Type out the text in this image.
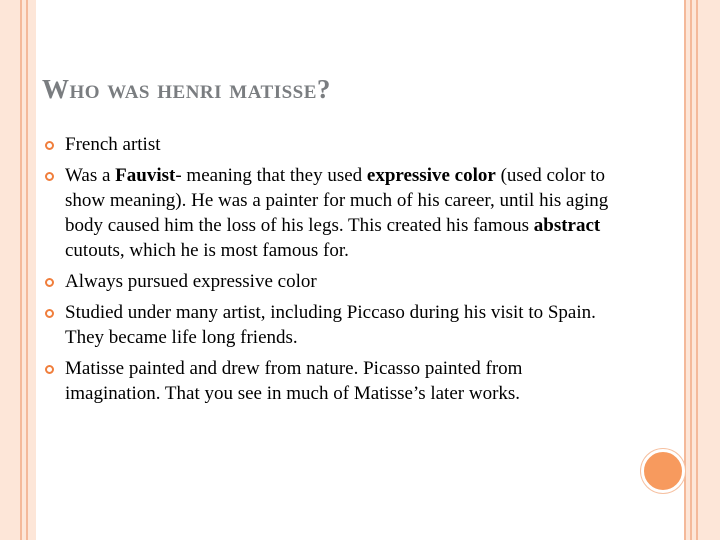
Who was henri matisse?
French artist
Was a Fauvist- meaning that they used expressive color (used color to show meaning). He was a painter for much of his career, until his aging body caused him the loss of his legs. This created his famous abstract cutouts, which he is most famous for.
Always pursued expressive color
Studied under many artist, including Piccaso during his visit to Spain. They became life long friends.
Matisse painted and drew from nature. Picasso painted from imagination. That you see in much of Matisse’s later works.
